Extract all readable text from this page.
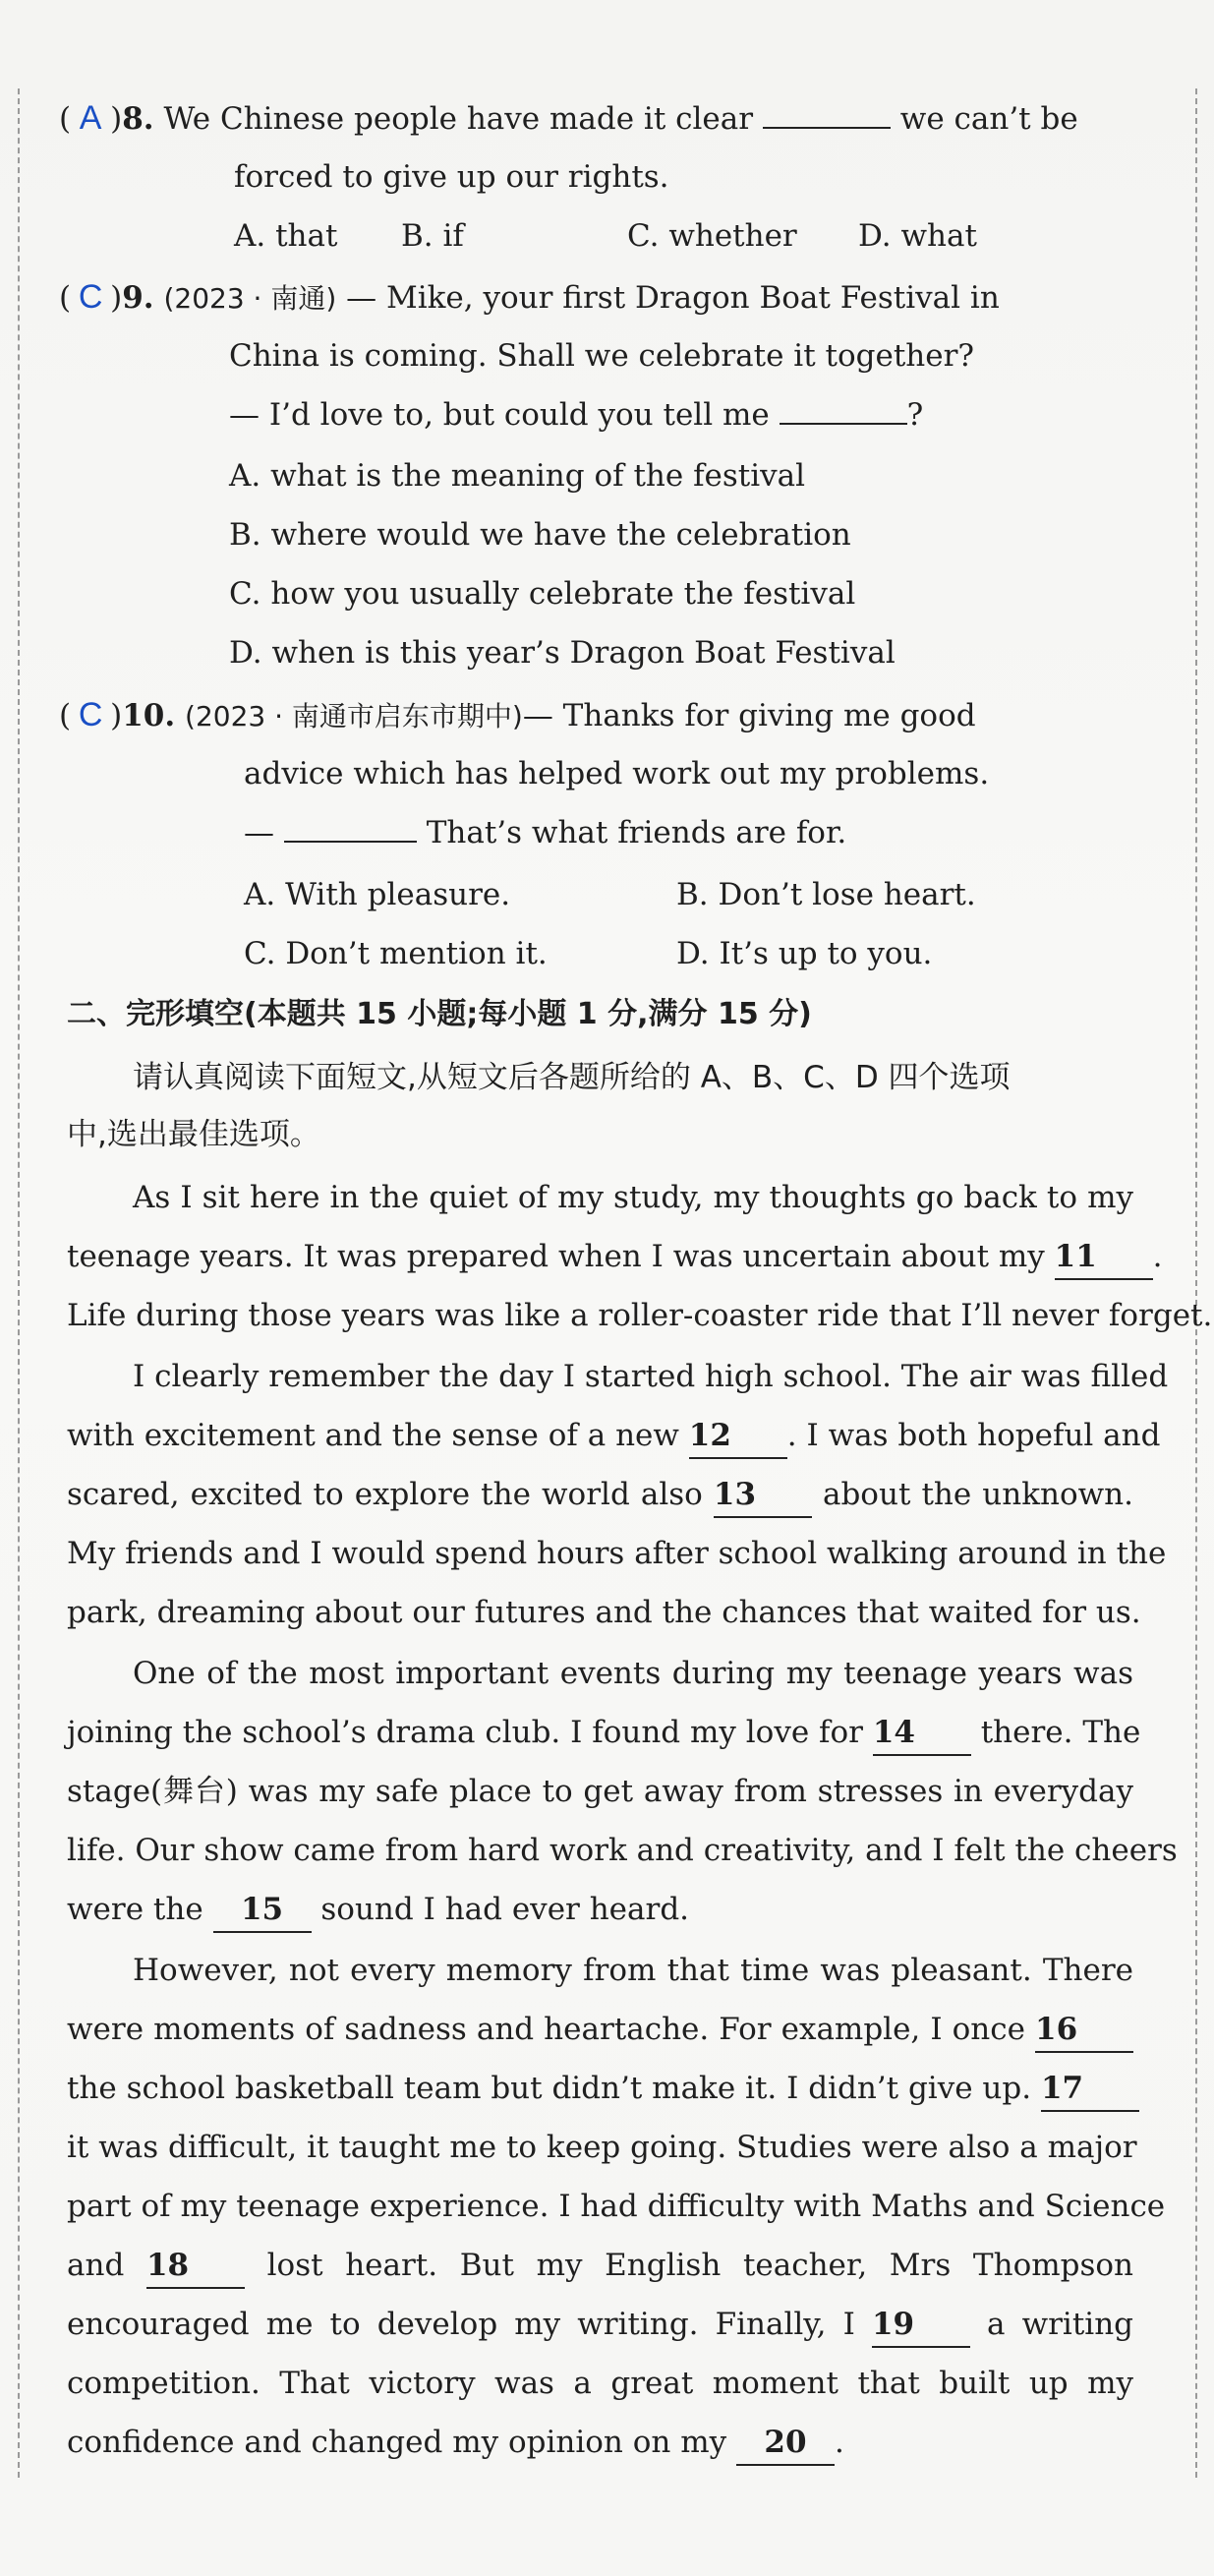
( A )8. We Chinese people have made it clear	we can’t be
forced to give up our rights.
A. that B. if	C. whether D. what
( C )9. (2023 · 南通) — Mike, your first Dragon Boat Festival in
China is coming. Shall we celebrate it together?
— I’d love to, but could you tell me	?
A. what is the meaning of the festival
B. where would we have the celebration
C. how you usually celebrate the festival
D. when is this year’s Dragon Boat Festival
( C )10. (2023 · 南通市启东市期中)— Thanks for giving me good
advice which has helped work out my problems.
—	That’s what friends are for.
A. With pleasure.	B. Don’t lose heart.
C. Don’t mention it.	D. It’s up to you.
二、完形填空(本题共 15 小题;每小题 1 分,满分 15 分)
请认真阅读下面短文,从短文后各题所给的 A、B、C、D 四个选项
中,选出最佳选项。
As I sit here in the quiet of my study, my thoughts go back to my
teenage years. It was prepared when I was uncertain about my 11 .
Life during those years was like a roller-coaster ride that I’ll never forget.
I clearly remember the day I started high school. The air was filled
with excitement and the sense of a new 12 . I was both hopeful and
scared, excited to explore the world also 13 about the unknown.
My friends and I would spend hours after school walking around in the
park, dreaming about our futures and the chances that waited for us.
One of the most important events during my teenage years was
joining the school’s drama club. I found my love for 14 there. The
stage(舞台) was my safe place to get away from stresses in everyday
life. Our show came from hard work and creativity, and I felt the cheers
were the 15 sound I had ever heard.
However, not every memory from that time was pleasant. There
were moments of sadness and heartache. For example, I once 16
the school basketball team but didn’t make it. I didn’t give up. 17
it was difficult, it taught me to keep going. Studies were also a major
part of my teenage experience. I had difficulty with Maths and Science
and 18	lost heart. But my English teacher, Mrs Thompson
encouraged me to develop my writing. Finally, I 19 a writing
competition. That victory was a great moment that built up my
confidence and changed my opinion on my 20 .
